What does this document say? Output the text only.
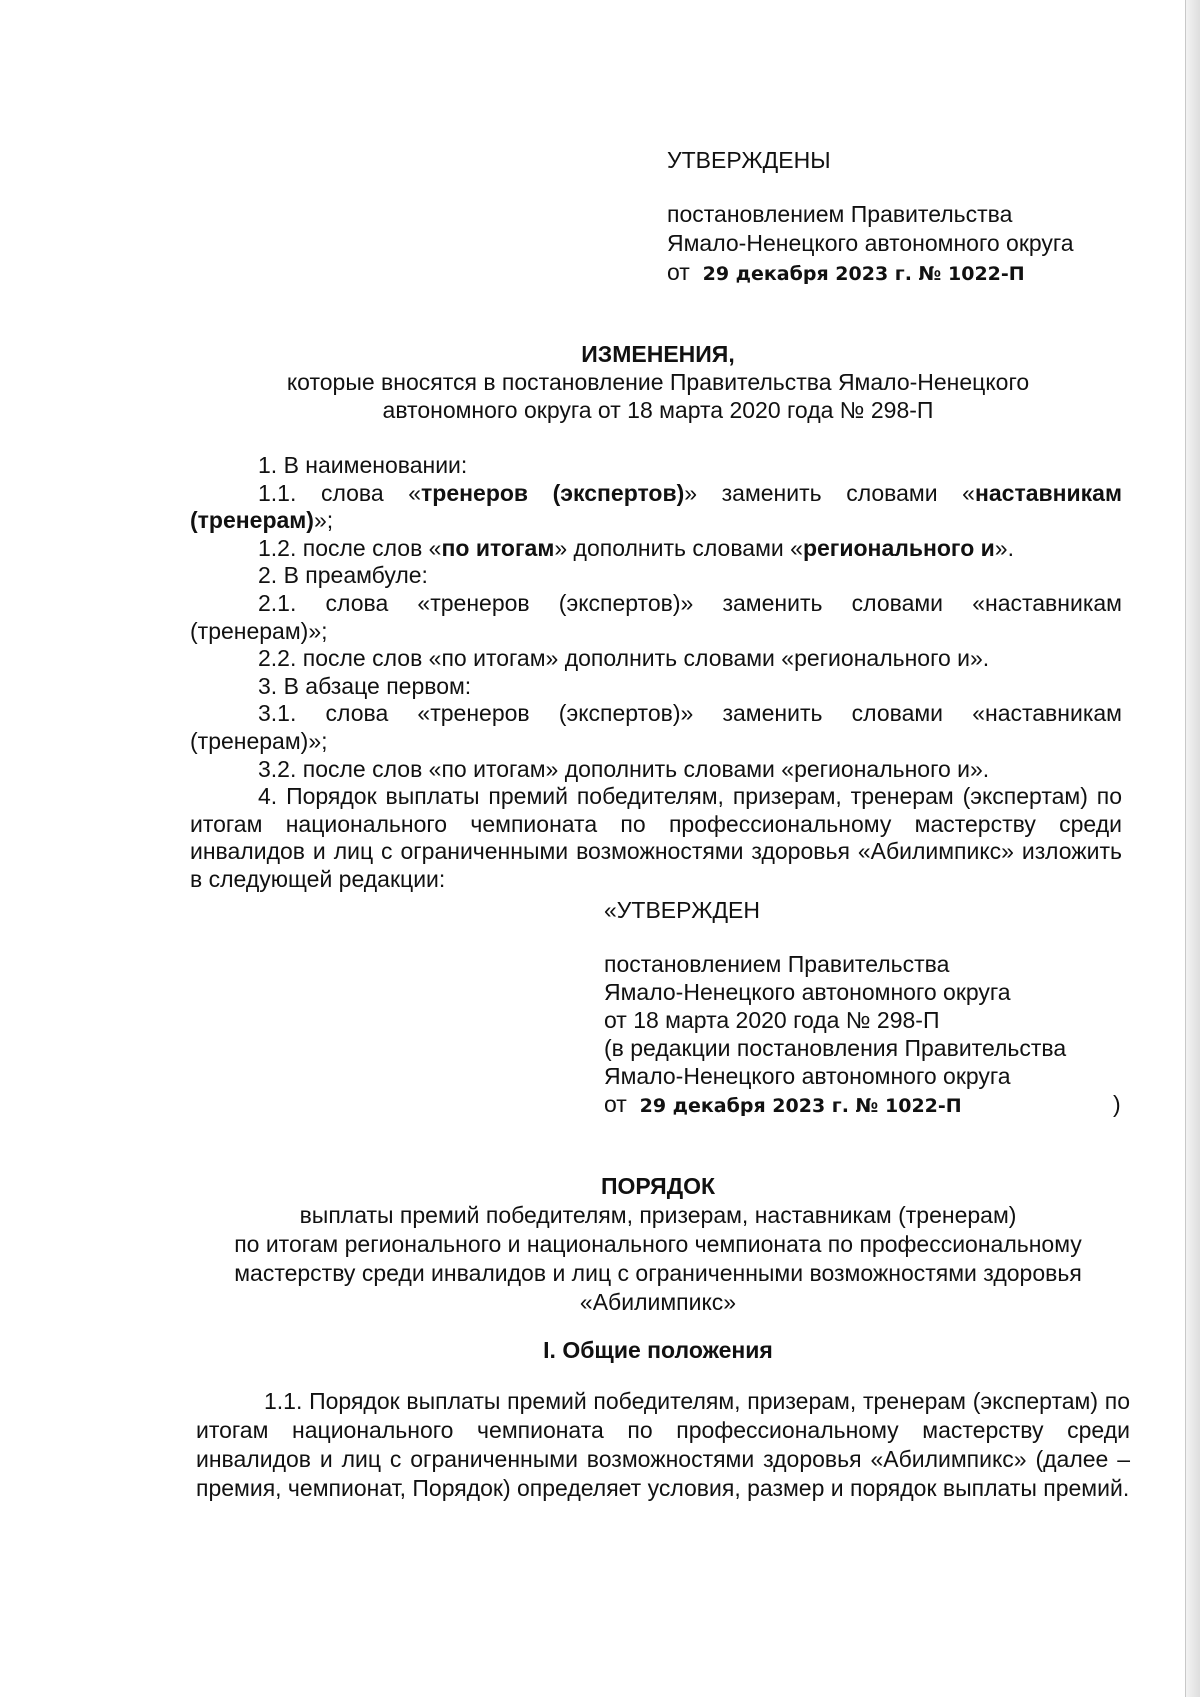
УТВЕРЖДЕНЫ
постановлением Правительства
Ямало-Ненецкого автономного округа
от 29 декабря 2023 г. № 1022-П
ИЗМЕНЕНИЯ,
которые вносятся в постановление Правительства Ямало-Ненецкого
автономного округа от 18 марта 2020 года № 298-П

1. В наименовании:

1.1. слова «тренеров (экспертов)» заменить словами «наставникам (тренерам)»;

1.2. после слов «по итогам» дополнить словами «регионального и».

2. В преамбуле:

2.1. слова «тренеров (экспертов)» заменить словами «наставникам (тренерам)»;

2.2. после слов «по итогам» дополнить словами «регионального и».

3. В абзаце первом:

3.1. слова «тренеров (экспертов)» заменить словами «наставникам (тренерам)»;

3.2. после слов «по итогам» дополнить словами «регионального и».

4. Порядок выплаты премий победителям, призерам, тренерам (экспертам) по итогам национального чемпионата по профессиональному мастерству среди инвалидов и лиц с ограниченными возможностями здоровья «Абилимпикс» изложить в следующей редакции:

«УТВЕРЖДЕН
постановлением Правительства
Ямало-Ненецкого автономного округа
от 18 марта 2020 года № 298-П
(в редакции постановления Правительства
Ямало-Ненецкого автономного округа
от 29 декабря 2023 г. № 1022-П	)
ПОРЯДОК
выплаты премий победителям, призерам, наставникам (тренерам)
по итогам регионального и национального чемпионата по профессиональному
мастерству среди инвалидов и лиц с ограниченными возможностями здоровья
«Абилимпикс»
I. Общие положения

1.1. Порядок выплаты премий победителям, призерам, тренерам (экспертам) по итогам национального чемпионата по профессиональному мастерству среди инвалидов и лиц с ограниченными возможностями здоровья «Абилимпикс» (далее – премия, чемпионат, Порядок) определяет условия, размер и порядок выплаты премий.
